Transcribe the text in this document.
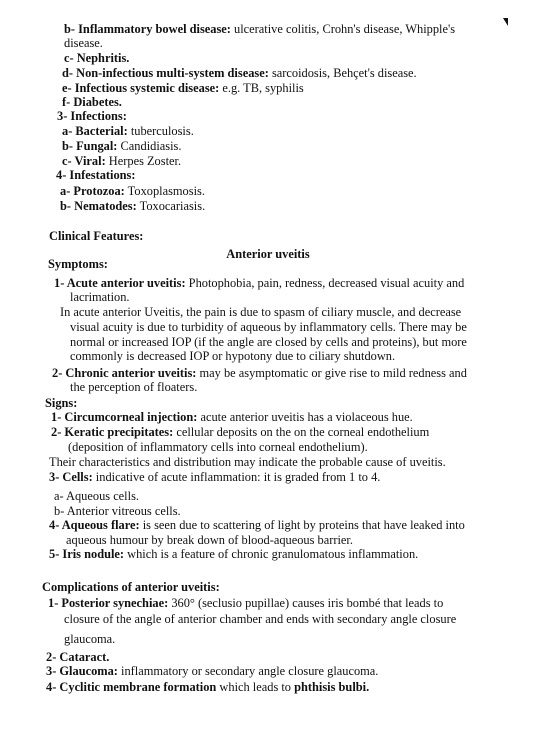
b- Inflammatory bowel disease: ulcerative colitis, Crohn's disease, Whipple's
disease.
c- Nephritis.
d- Non-infectious multi-system disease: sarcoidosis, Behçet's disease.
e- Infectious systemic disease: e.g. TB, syphilis
f- Diabetes.
3- Infections:
a- Bacterial: tuberculosis.
b- Fungal: Candidiasis.
c- Viral: Herpes Zoster.
4- Infestations:
a- Protozoa: Toxoplasmosis.
b- Nematodes: Toxocariasis.
Clinical Features:
Anterior uveitis
Symptoms:
1- Acute anterior uveitis: Photophobia, pain, redness, decreased visual acuity and
lacrimation.
In acute anterior Uveitis, the pain is due to spasm of ciliary muscle, and decrease
visual acuity is due to turbidity of aqueous by inflammatory cells. There may be
normal or increased IOP (if the angle are closed by cells and proteins), but more
commonly is decreased IOP or hypotony due to ciliary shutdown.
2- Chronic anterior uveitis: may be asymptomatic or give rise to mild redness and
the perception of floaters.
Signs:
1- Circumcorneal injection: acute anterior uveitis has a violaceous hue.
2- Keratic precipitates: cellular deposits on the on the corneal endothelium
(deposition of inflammatory cells into corneal endothelium).
Their characteristics and distribution may indicate the probable cause of uveitis.
3- Cells: indicative of acute inflammation: it is graded from 1 to 4.
a- Aqueous cells.
b- Anterior vitreous cells.
4- Aqueous flare: is seen due to scattering of light by proteins that have leaked into
aqueous humour by break down of blood-aqueous barrier.
5- Iris nodule: which is a feature of chronic granulomatous inflammation.
Complications of anterior uveitis:
1- Posterior synechiae: 360° (seclusio pupillae) causes iris bombé that leads to
closure of the angle of anterior chamber and ends with secondary angle closure
glaucoma.
2- Cataract.
3- Glaucoma: inflammatory or secondary angle closure glaucoma.
4- Cyclitic membrane formation which leads to phthisis bulbi.
